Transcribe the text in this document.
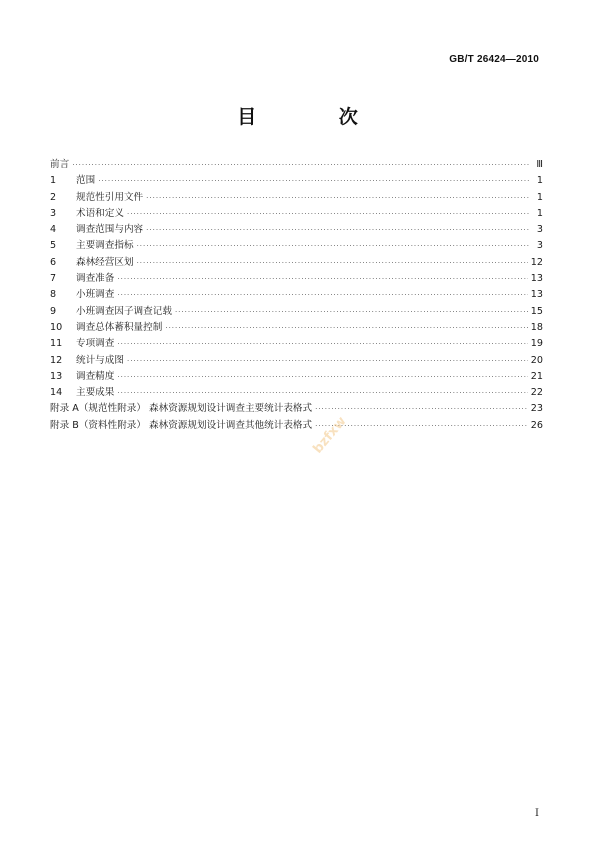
GB/T 26424—2010
目 次
前言 ·····	Ⅲ
1	范围 ·····	1
2	规范性引用文件 ·····	1
3	术语和定义 ·····	1
4	调查范围与内容 ·····	3
5	主要调查指标 ·····	3
6	森林经营区划 ·····	12
7	调查准备 ·····	13
8	小班调查 ·····	13
9	小班调查因子调查记载 ·····	15
10	调查总体蓄积量控制 ·····	18
11	专项调查 ·····	19
12	统计与成图 ·····	20
13	调查精度 ·····	21
14	主要成果 ·····	22
附录 A（规范性附录） 森林资源规划设计调查主要统计表格式 ·····	23
附录 B（资料性附录） 森林资源规划设计调查其他统计表格式 ·····	26
I
bzfxw
